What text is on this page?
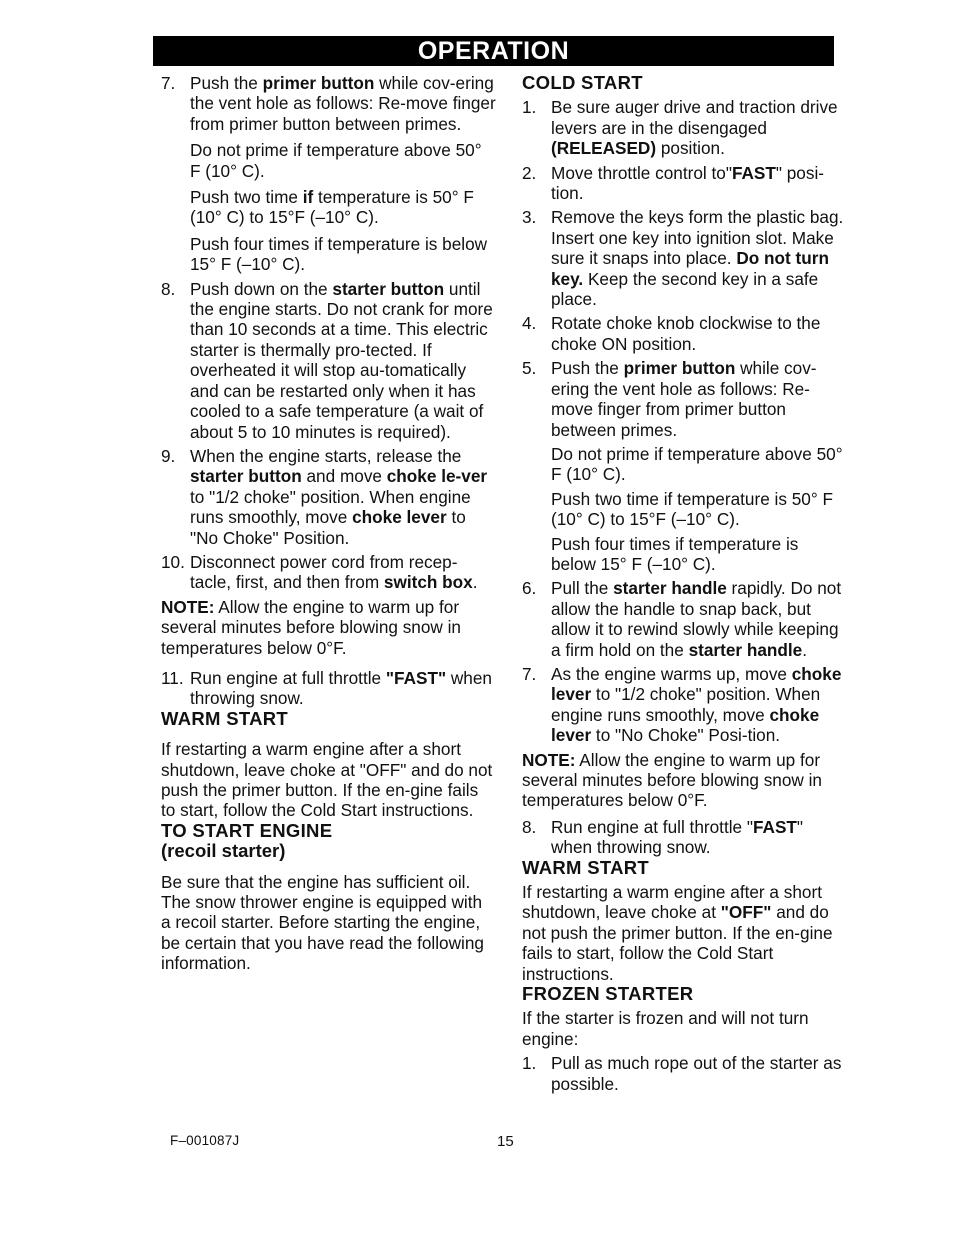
OPERATION
7. Push the primer button while cov-ering the vent hole as follows: Re-move finger from primer button between primes.

Do not prime if temperature above 50° F (10° C).

Push two time if temperature is 50° F (10° C) to 15°F (–10° C).

Push four times if temperature is below 15° F (–10° C).

8. Push down on the starter button until the engine starts. Do not crank for more than 10 seconds at a time. This electric starter is thermally pro-tected. If overheated it will stop au-tomatically and can be restarted only when it has cooled to a safe temperature (a wait of about 5 to 10 minutes is required).

9. When the engine starts, release the starter button and move choke le-ver to "1/2 choke" position. When engine runs smoothly, move choke lever to "No Choke" Position.

10. Disconnect power cord from recep-tacle, first, and then from switch box.

NOTE: Allow the engine to warm up for several minutes before blowing snow in temperatures below 0°F.

11. Run engine at full throttle "FAST" when throwing snow.

WARM START

If restarting a warm engine after a short shutdown, leave choke at "OFF" and do not push the primer button. If the en-gine fails to start, follow the Cold Start instructions.

TO START ENGINE

(recoil starter)

Be sure that the engine has sufficient oil. The snow thrower engine is equipped with a recoil starter. Before starting the engine, be certain that you have read the following information.

COLD START

1. Be sure auger drive and traction drive levers are in the disengaged (RELEASED) position.

2. Move throttle control to"FAST" posi-tion.

3. Remove the keys form the plastic bag. Insert one key into ignition slot. Make sure it snaps into place. Do not turn key. Keep the second key in a safe place.

4. Rotate choke knob clockwise to the choke ON position.

5. Push the primer button while cov-ering the vent hole as follows: Re-move finger from primer button between primes.

Do not prime if temperature above 50° F (10° C).

Push two time if temperature is 50° F (10° C) to 15°F (–10° C).

Push four times if temperature is below 15° F (–10° C).

6. Pull the starter handle rapidly. Do not allow the handle to snap back, but allow it to rewind slowly while keeping a firm hold on the starter handle.

7. As the engine warms up, move choke lever to "1/2 choke" position. When engine runs smoothly, move choke lever to "No Choke" Posi-tion.

NOTE: Allow the engine to warm up for several minutes before blowing snow in temperatures below 0°F.

8. Run engine at full throttle "FAST" when throwing snow.

WARM START

If restarting a warm engine after a short shutdown, leave choke at "OFF" and do not push the primer button. If the en-gine fails to start, follow the Cold Start instructions.

FROZEN STARTER

If the starter is frozen and will not turn engine:

1. Pull as much rope out of the starter as possible.

F–001087J	15
